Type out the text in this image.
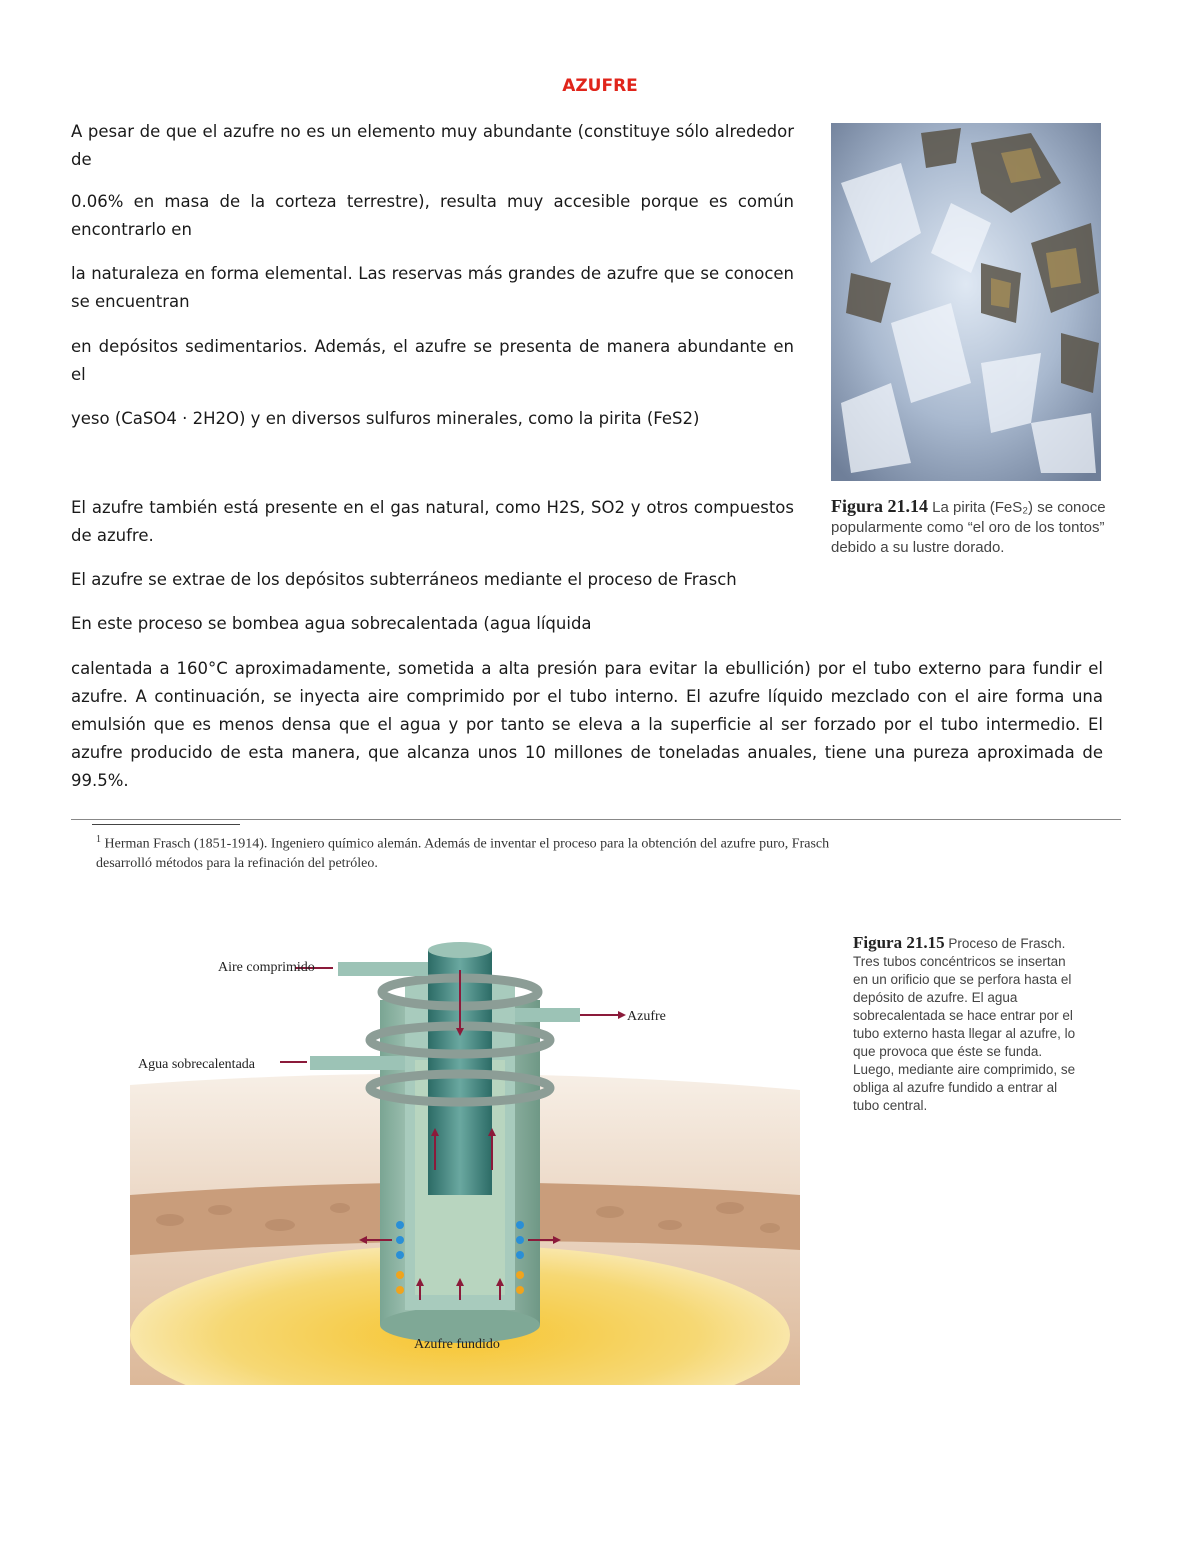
AZUFRE
A pesar de que el azufre no es un elemento muy abundante (constituye sólo alrededor de
0.06% en masa de la corteza terrestre), resulta muy accesible porque es común encontrarlo en
la naturaleza en forma elemental. Las reservas más grandes de azufre que se conocen se encuentran
en depósitos sedimentarios. Además, el azufre se presenta de manera abundante en el
yeso (CaSO4 · 2H2O) y en diversos sulfuros minerales, como la pirita (FeS2)
El azufre también está presente en el gas natural, como H2S, SO2 y otros compuestos de azufre.
El azufre se extrae de los depósitos subterráneos mediante el proceso de Frasch
En este proceso se bombea agua sobrecalentada (agua líquida
calentada a 160°C aproximadamente, sometida a alta presión para evitar la ebullición) por el tubo externo para fundir el azufre. A continuación, se inyecta aire comprimido por el tubo interno. El azufre líquido mezclado con el aire forma una emulsión que es menos densa que el agua y por tanto se eleva a la superficie al ser forzado por el tubo intermedio. El azufre producido de esta manera, que alcanza unos 10 millones de toneladas anuales, tiene una pureza aproximada de 99.5%.
Figura 21.14 La pirita (FeS₂) se conoce popularmente como “el oro de los tontos” debido a su lustre dorado.
$^1$ Herman Frasch (1851-1914). Ingeniero químico alemán. Además de inventar el proceso para la obtención del azufre puro, Frasch desarrolló métodos para la refinación del petróleo.
Aire comprimido
Azufre
Agua sobrecalentada
Azufre fundido
Figura 21.15 Proceso de Frasch. Tres tubos concéntricos se insertan en un orificio que se perfora hasta el depósito de azufre. El agua sobrecalentada se hace entrar por el tubo externo hasta llegar al azufre, lo que provoca que éste se funda. Luego, mediante aire comprimido, se obliga al azufre fundido a entrar al tubo central.
